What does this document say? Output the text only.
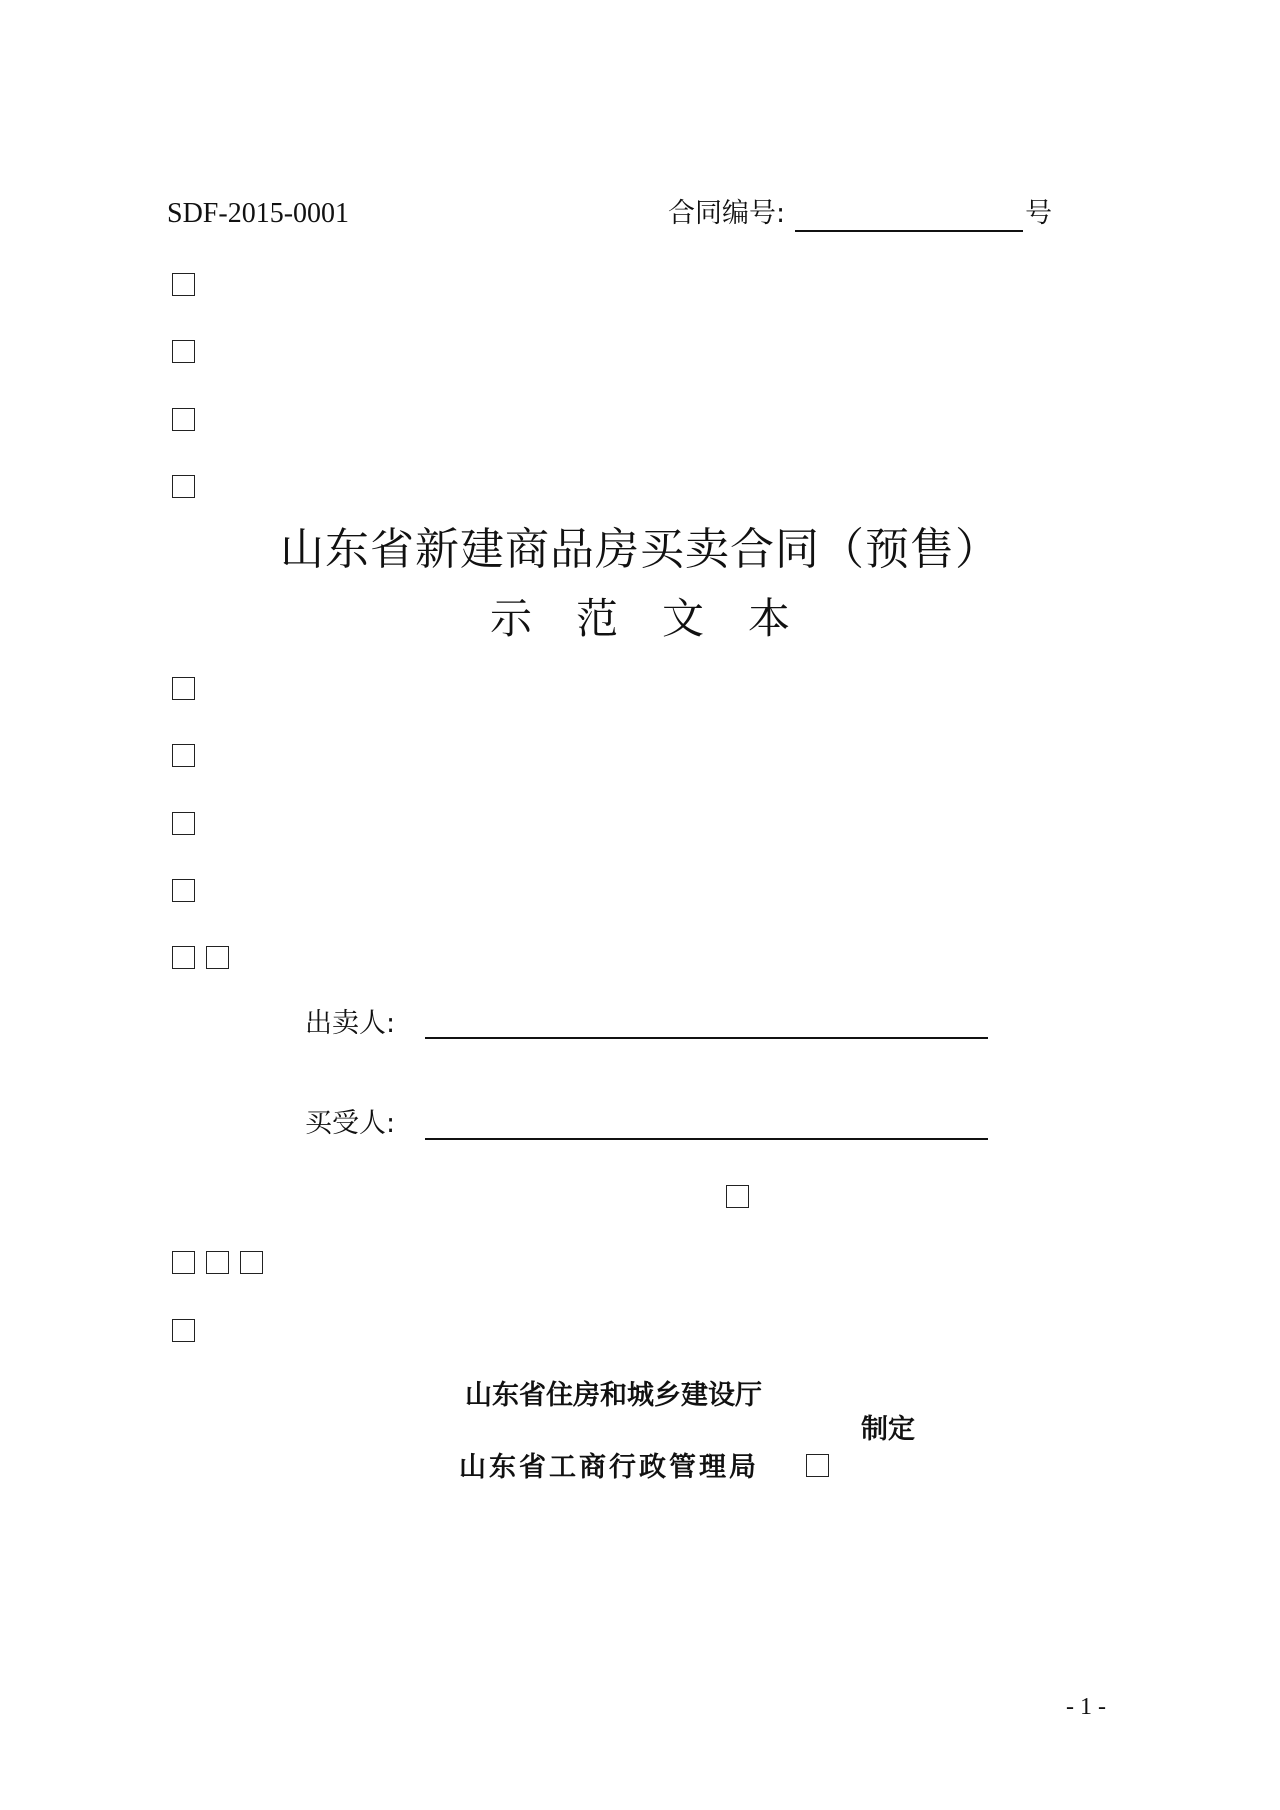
SDF-2015-0001	合同编号:	号
山东省新建商品房买卖合同（预售）
示范文本
出卖人:
买受人:
山东省住房和城乡建设厅
制定
山东省工商行政管理局
- 1 -
